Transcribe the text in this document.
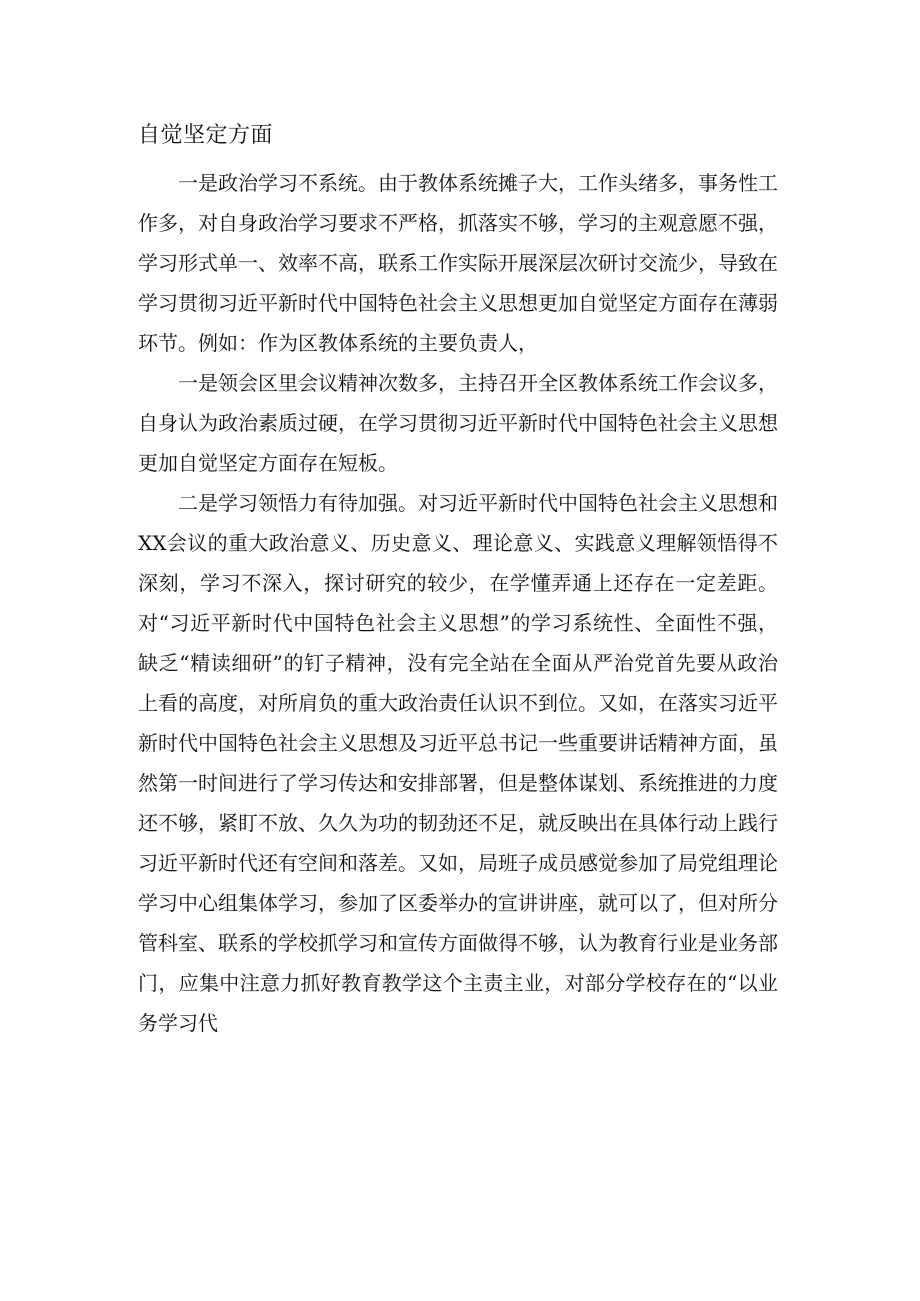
自觉坚定方面

一是政治学习不系统。由于教体系统摊子大，工作头绪多，事务性工作多，对自身政治学习要求不严格，抓落实不够，学习的主观意愿不强，学习形式单一、效率不高，联系工作实际开展深层次研讨交流少，导致在学习贯彻习近平新时代中国特色社会主义思想更加自觉坚定方面存在薄弱环节。例如：作为区教体系统的主要负责人，

一是领会区里会议精神次数多，主持召开全区教体系统工作会议多，自身认为政治素质过硬，在学习贯彻习近平新时代中国特色社会主义思想更加自觉坚定方面存在短板。

二是学习领悟力有待加强。对习近平新时代中国特色社会主义思想和XX会议的重大政治意义、历史意义、理论意义、实践意义理解领悟得不深刻，学习不深入，探讨研究的较少，在学懂弄通上还存在一定差距。对“习近平新时代中国特色社会主义思想”的学习系统性、全面性不强，缺乏“精读细研”的钉子精神，没有完全站在全面从严治党首先要从政治上看的高度，对所肩负的重大政治责任认识不到位。又如，在落实习近平新时代中国特色社会主义思想及习近平总书记一些重要讲话精神方面，虽然第一时间进行了学习传达和安排部署，但是整体谋划、系统推进的力度还不够，紧盯不放、久久为功的韧劲还不足，就反映出在具体行动上践行习近平新时代还有空间和落差。又如，局班子成员感觉参加了局党组理论学习中心组集体学习，参加了区委举办的宣讲讲座，就可以了，但对所分管科室、联系的学校抓学习和宣传方面做得不够，认为教育行业是业务部门，应集中注意力抓好教育教学这个主责主业，对部分学校存在的“以业务学习代
